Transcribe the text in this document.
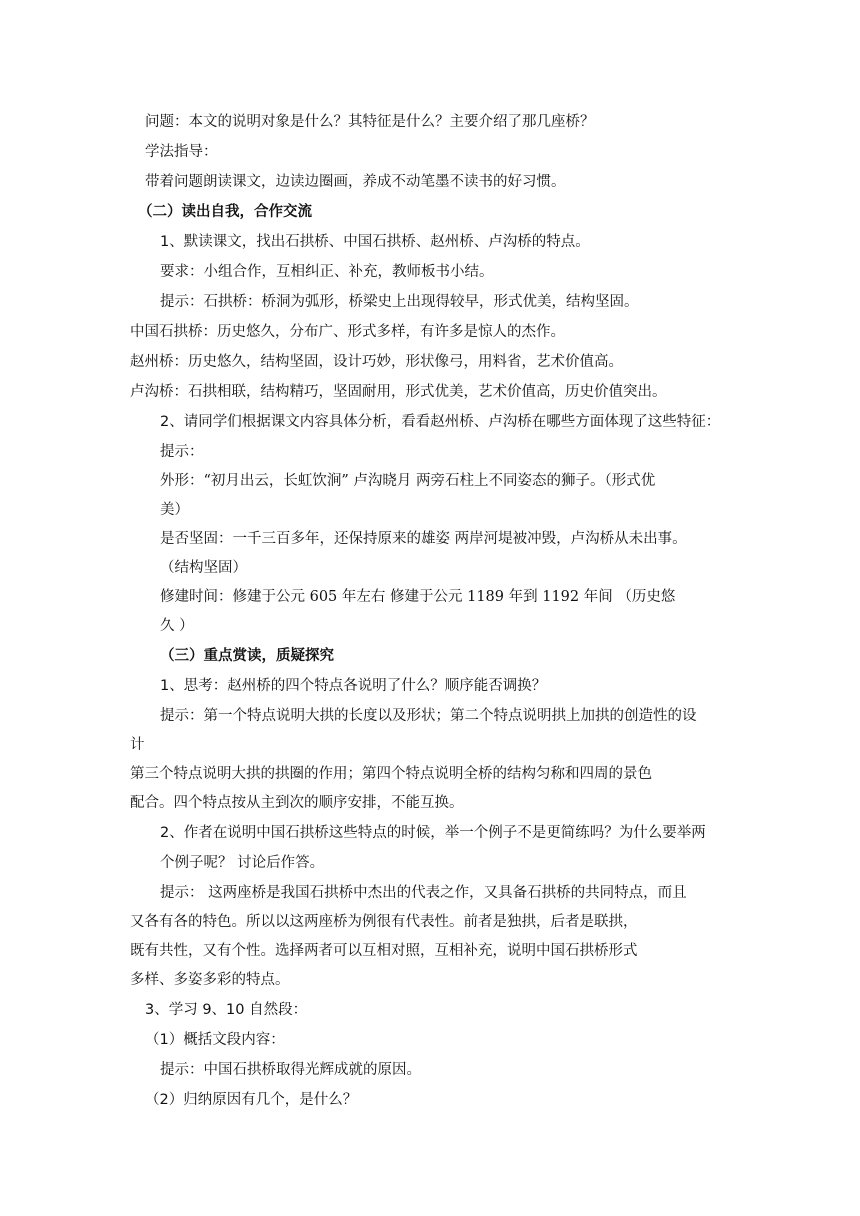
问题：本文的说明对象是什么？其特征是什么？主要介绍了那几座桥？
学法指导：
带着问题朗读课文，边读边圈画，养成不动笔墨不读书的好习惯。
（二）读出自我，合作交流
1、默读课文，找出石拱桥、中国石拱桥、赵州桥、卢沟桥的特点。
要求：小组合作，互相纠正、补充，教师板书小结。
提示：石拱桥：桥洞为弧形，桥梁史上出现得较早，形式优美，结构坚固。
中国石拱桥：历史悠久，分布广、形式多样，有许多是惊人的杰作。
赵州桥：历史悠久，结构坚固，设计巧妙，形状像弓，用料省，艺术价值高。
卢沟桥：石拱相联，结构精巧，坚固耐用，形式优美，艺术价值高，历史价值突出。
2、请同学们根据课文内容具体分析，看看赵州桥、卢沟桥在哪些方面体现了这些特征：
提示：
外形：“初月出云，长虹饮涧” 卢沟晓月 两旁石柱上不同姿态的狮子。（形式优
美）
是否坚固：一千三百多年，还保持原来的雄姿 两岸河堤被冲毁，卢沟桥从未出事。
（结构坚固）
修建时间：修建于公元 605 年左右 修建于公元 1189 年到 1192 年间 （历史悠
久 ）
（三）重点赏读，质疑探究
1、思考：赵州桥的四个特点各说明了什么？顺序能否调换？
提示：第一个特点说明大拱的长度以及形状；第二个特点说明拱上加拱的创造性的设
计
第三个特点说明大拱的拱圈的作用；第四个特点说明全桥的结构匀称和四周的景色
配合。四个特点按从主到次的顺序安排，不能互换。
2、作者在说明中国石拱桥这些特点的时候，举一个例子不是更简练吗？为什么要举两
个例子呢？ 讨论后作答。
提示： 这两座桥是我国石拱桥中杰出的代表之作，又具备石拱桥的共同特点，而且
又各有各的特色。所以以这两座桥为例很有代表性。前者是独拱，后者是联拱，
既有共性，又有个性。选择两者可以互相对照，互相补充，说明中国石拱桥形式
多样、多姿多彩的特点。
3、学习 9、10 自然段：
（1）概括文段内容：
提示：中国石拱桥取得光辉成就的原因。
（2）归纳原因有几个，是什么？
